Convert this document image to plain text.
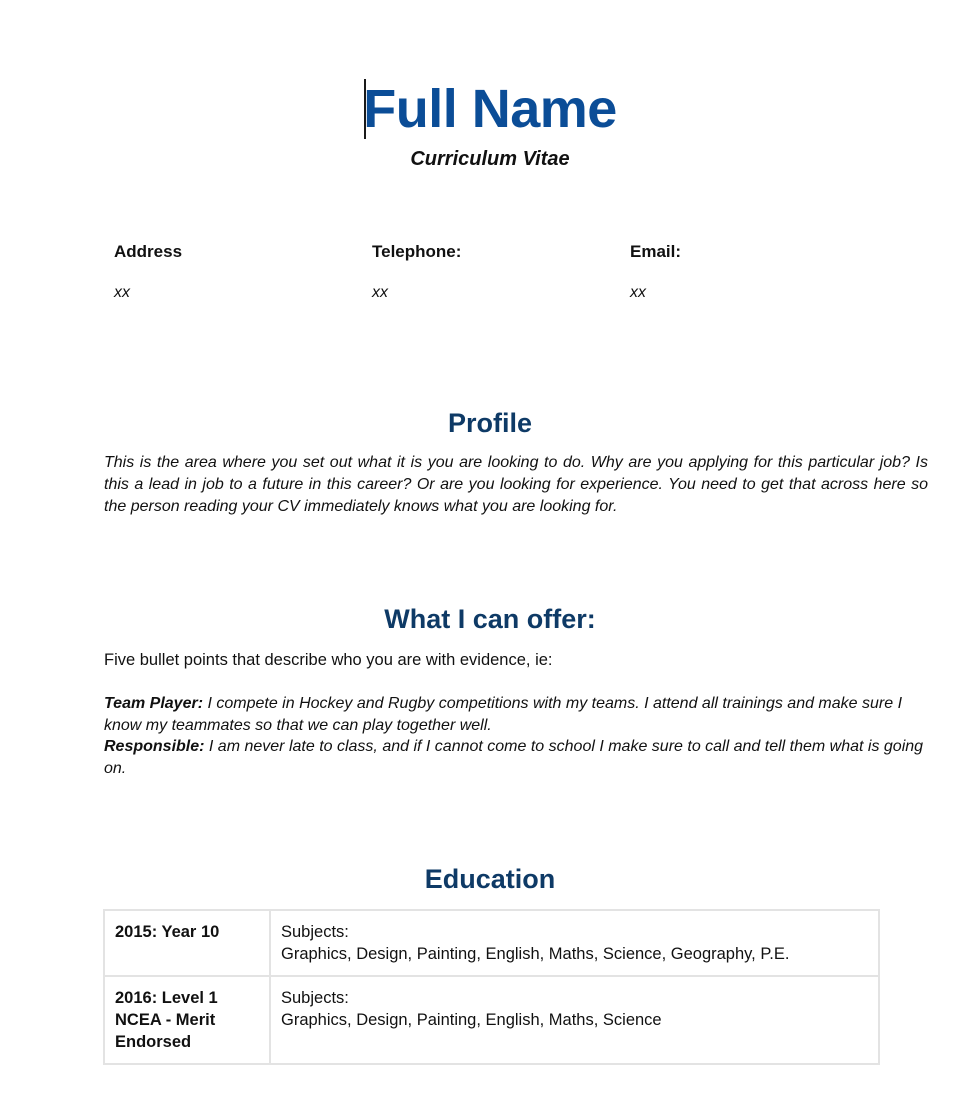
Full Name
Curriculum Vitae
Address
xx
Telephone:
xx
Email:
xx
Profile

This is the area where you set out what it is you are looking to do. Why are you applying for this particular job? Is this a lead in job to a future in this career? Or are you looking for experience. You need to get that across here so the person reading your CV immediately knows what you are looking for.

What I can offer:

Five bullet points that describe who you are with evidence, ie:

Team Player: I compete in Hockey and Rugby competitions with my teams. I attend all trainings and make sure I know my teammates so that we can play together well.
Responsible: I am never late to class, and if I cannot come to school I make sure to call and tell them what is going on.
Education
2015: Year 10	Subjects:
Graphics, Design, Painting, English, Maths, Science, Geography, P.E.

2016: Level 1 NCEA - Merit Endorsed	Subjects:
Graphics, Design, Painting, English, Maths, Science
